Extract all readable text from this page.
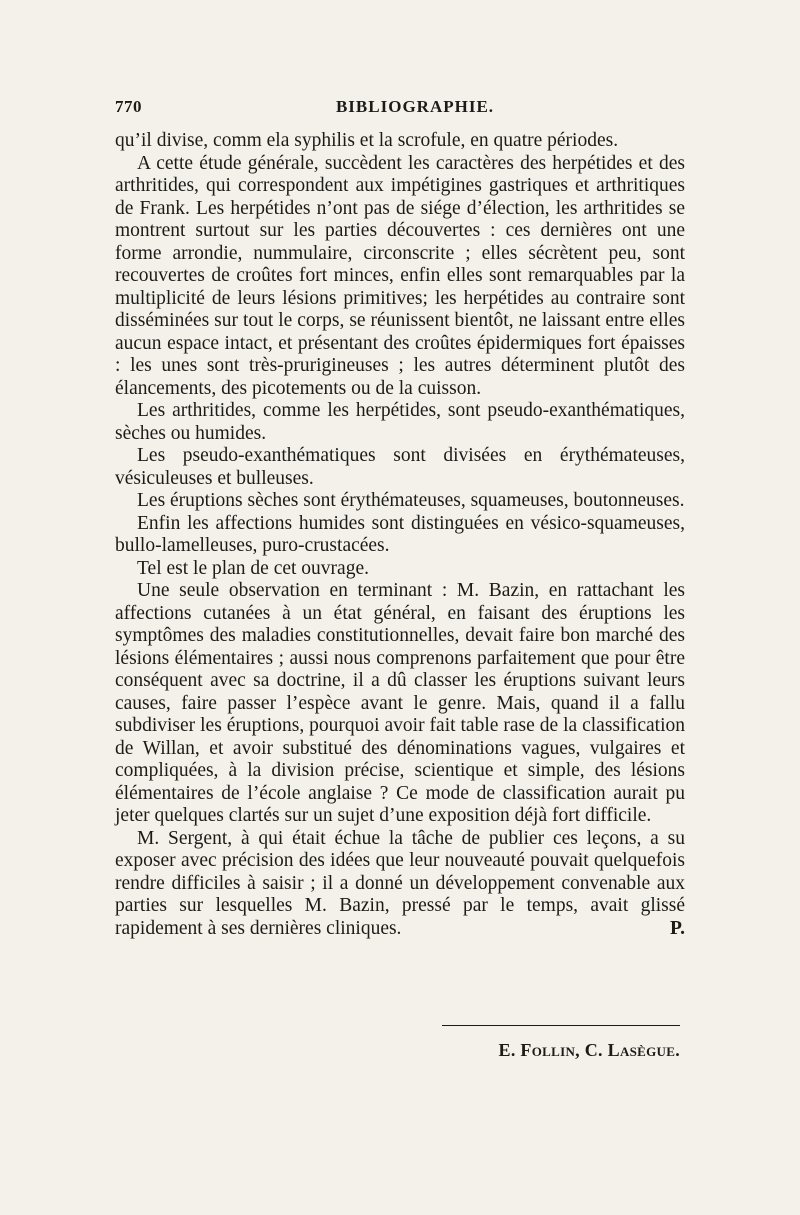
770	BIBLIOGRAPHIE.

qu’il divise, comm ela syphilis et la scrofule, en quatre périodes.

A cette étude générale, succèdent les caractères des herpétides et des arthritides, qui correspondent aux impétigines gastriques et arthritiques de Frank. Les herpétides n’ont pas de siége d’élection, les arthritides se montrent surtout sur les parties découvertes : ces dernières ont une forme arrondie, nummulaire, circonscrite ; elles sécrètent peu, sont recouvertes de croûtes fort minces, enfin elles sont remarquables par la multiplicité de leurs lésions primitives; les herpétides au contraire sont disséminées sur tout le corps, se réunissent bientôt, ne laissant entre elles aucun espace intact, et présentant des croûtes épidermiques fort épaisses : les unes sont très-prurigineuses ; les autres déterminent plutôt des élancements, des picotements ou de la cuisson.

Les arthritides, comme les herpétides, sont pseudo-exanthématiques, sèches ou humides.

Les pseudo-exanthématiques sont divisées en érythémateuses, vésiculeuses et bulleuses.

Les éruptions sèches sont érythémateuses, squameuses, boutonneuses.

Enfin les affections humides sont distinguées en vésico-squameuses, bullo-lamelleuses, puro-crustacées.

Tel est le plan de cet ouvrage.

Une seule observation en terminant : M. Bazin, en rattachant les affections cutanées à un état général, en faisant des éruptions les symptômes des maladies constitutionnelles, devait faire bon marché des lésions élémentaires ; aussi nous comprenons parfaitement que pour être conséquent avec sa doctrine, il a dû classer les éruptions suivant leurs causes, faire passer l’espèce avant le genre. Mais, quand il a fallu subdiviser les éruptions, pourquoi avoir fait table rase de la classification de Willan, et avoir substitué des dénominations vagues, vulgaires et compliquées, à la division précise, scientique et simple, des lésions élémentaires de l’école anglaise ? Ce mode de classification aurait pu jeter quelques clartés sur un sujet d’une exposition déjà fort difficile.

M. Sergent, à qui était échue la tâche de publier ces leçons, a su exposer avec précision des idées que leur nouveauté pouvait quelquefois rendre difficiles à saisir ; il a donné un développement convenable aux parties sur lesquelles M. Bazin, pressé par le temps, avait glissé rapidement à ses dernières cliniques.	P.

E. Follin, C. Lasègue.
